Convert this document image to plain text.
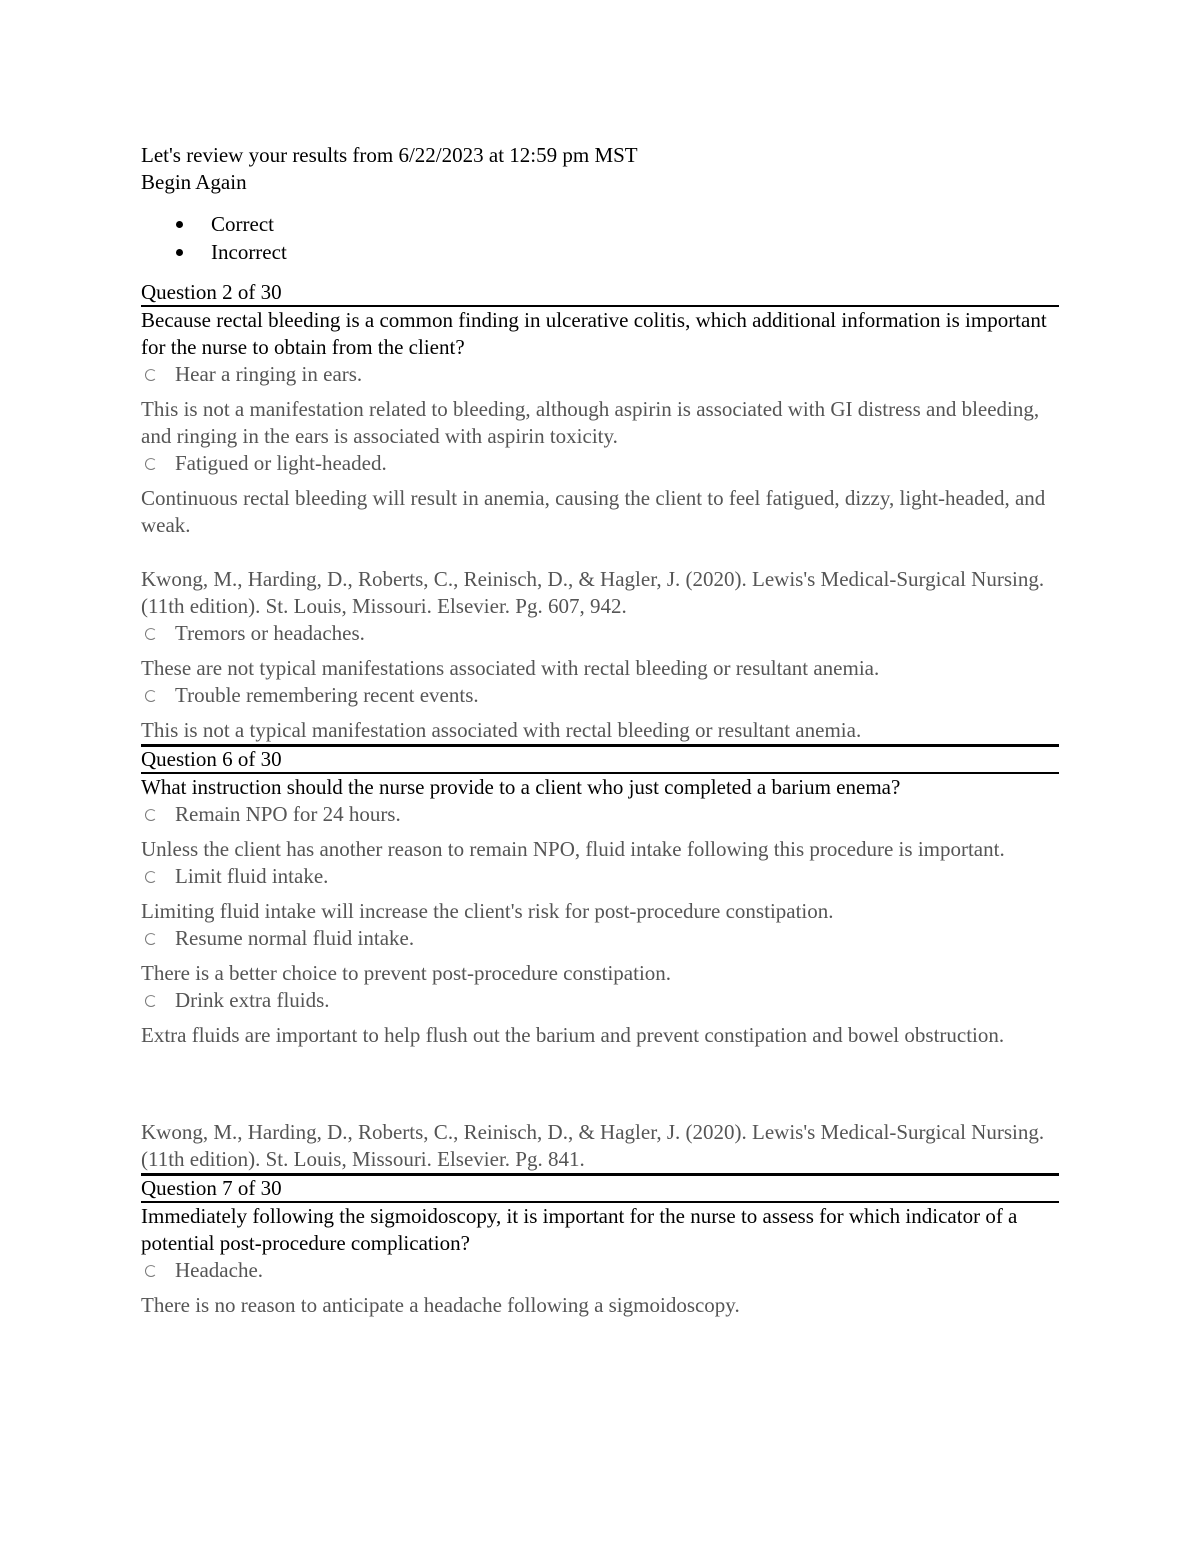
Let's review your results from 6/22/2023 at 12:59 pm MST

Begin Again

Correct
Incorrect
Question 2 of 30

Because rectal bleeding is a common finding in ulcerative colitis, which additional information is important for the nurse to obtain from the client?

Hear a ringing in ears.

This is not a manifestation related to bleeding, although aspirin is associated with GI distress and bleeding, and ringing in the ears is associated with aspirin toxicity.

Fatigued or light-headed.

Continuous rectal bleeding will result in anemia, causing the client to feel fatigued, dizzy, light-headed, and weak.

Kwong, M., Harding, D., Roberts, C., Reinisch, D., & Hagler, J. (2020). Lewis's Medical-Surgical Nursing. (11th edition). St. Louis, Missouri. Elsevier. Pg. 607, 942.

Tremors or headaches.

These are not typical manifestations associated with rectal bleeding or resultant anemia.

Trouble remembering recent events.

This is not a typical manifestation associated with rectal bleeding or resultant anemia.

Question 6 of 30

What instruction should the nurse provide to a client who just completed a barium enema?

Remain NPO for 24 hours.

Unless the client has another reason to remain NPO, fluid intake following this procedure is important.

Limit fluid intake.

Limiting fluid intake will increase the client's risk for post-procedure constipation.

Resume normal fluid intake.

There is a better choice to prevent post-procedure constipation.

Drink extra fluids.

Extra fluids are important to help flush out the barium and prevent constipation and bowel obstruction.

Kwong, M., Harding, D., Roberts, C., Reinisch, D., & Hagler, J. (2020). Lewis's Medical-Surgical Nursing. (11th edition). St. Louis, Missouri. Elsevier. Pg. 841.

Question 7 of 30

Immediately following the sigmoidoscopy, it is important for the nurse to assess for which indicator of a potential post-procedure complication?

Headache.

There is no reason to anticipate a headache following a sigmoidoscopy.
